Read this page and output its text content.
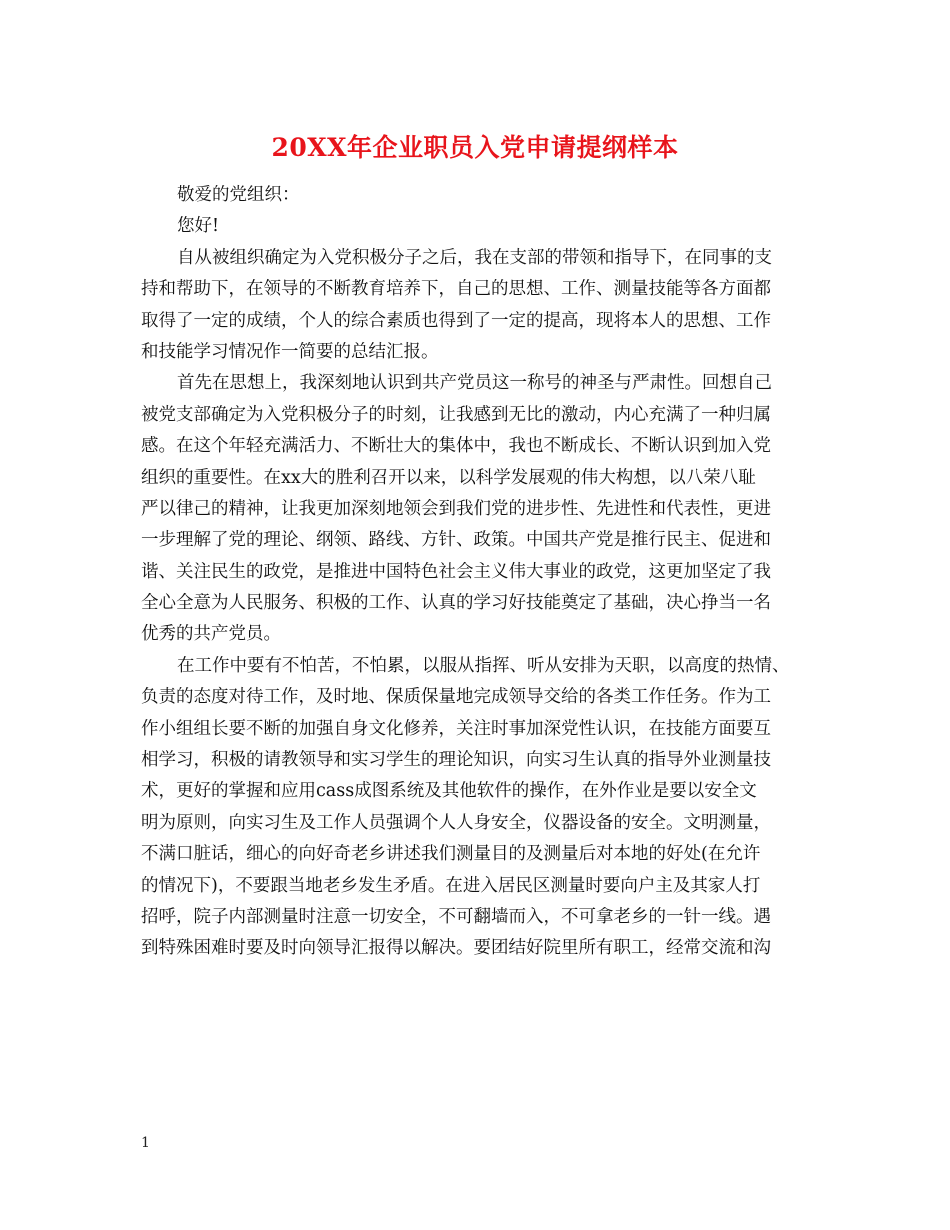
20XX年企业职员入党申请提纲样本
敬爱的党组织：
您好!
自从被组织确定为入党积极分子之后，我在支部的带领和指导下，在同事的支
持和帮助下，在领导的不断教育培养下，自己的思想、工作、测量技能等各方面都
取得了一定的成绩，个人的综合素质也得到了一定的提高，现将本人的思想、工作
和技能学习情况作一简要的总结汇报。
首先在思想上，我深刻地认识到共产党员这一称号的神圣与严肃性。回想自己
被党支部确定为入党积极分子的时刻，让我感到无比的激动，内心充满了一种归属
感。在这个年轻充满活力、不断壮大的集体中，我也不断成长、不断认识到加入党
组织的重要性。在xx大的胜利召开以来，以科学发展观的伟大构想，以八荣八耻
严以律己的精神，让我更加深刻地领会到我们党的进步性、先进性和代表性，更进
一步理解了党的理论、纲领、路线、方针、政策。中国共产党是推行民主、促进和
谐、关注民生的政党，是推进中国特色社会主义伟大事业的政党，这更加坚定了我
全心全意为人民服务、积极的工作、认真的学习好技能奠定了基础，决心挣当一名
优秀的共产党员。
在工作中要有不怕苦，不怕累，以服从指挥、听从安排为天职，以高度的热情、
负责的态度对待工作，及时地、保质保量地完成领导交给的各类工作任务。作为工
作小组组长要不断的加强自身文化修养，关注时事加深党性认识，在技能方面要互
相学习，积极的请教领导和实习学生的理论知识，向实习生认真的指导外业测量技
术，更好的掌握和应用cass成图系统及其他软件的操作，在外作业是要以安全文
明为原则，向实习生及工作人员强调个人人身安全，仪器设备的安全。文明测量，
不满口脏话，细心的向好奇老乡讲述我们测量目的及测量后对本地的好处(在允许
的情况下)，不要跟当地老乡发生矛盾。在进入居民区测量时要向户主及其家人打
招呼，院子内部测量时注意一切安全，不可翻墙而入，不可拿老乡的一针一线。遇
到特殊困难时要及时向领导汇报得以解决。要团结好院里所有职工，经常交流和沟
1
